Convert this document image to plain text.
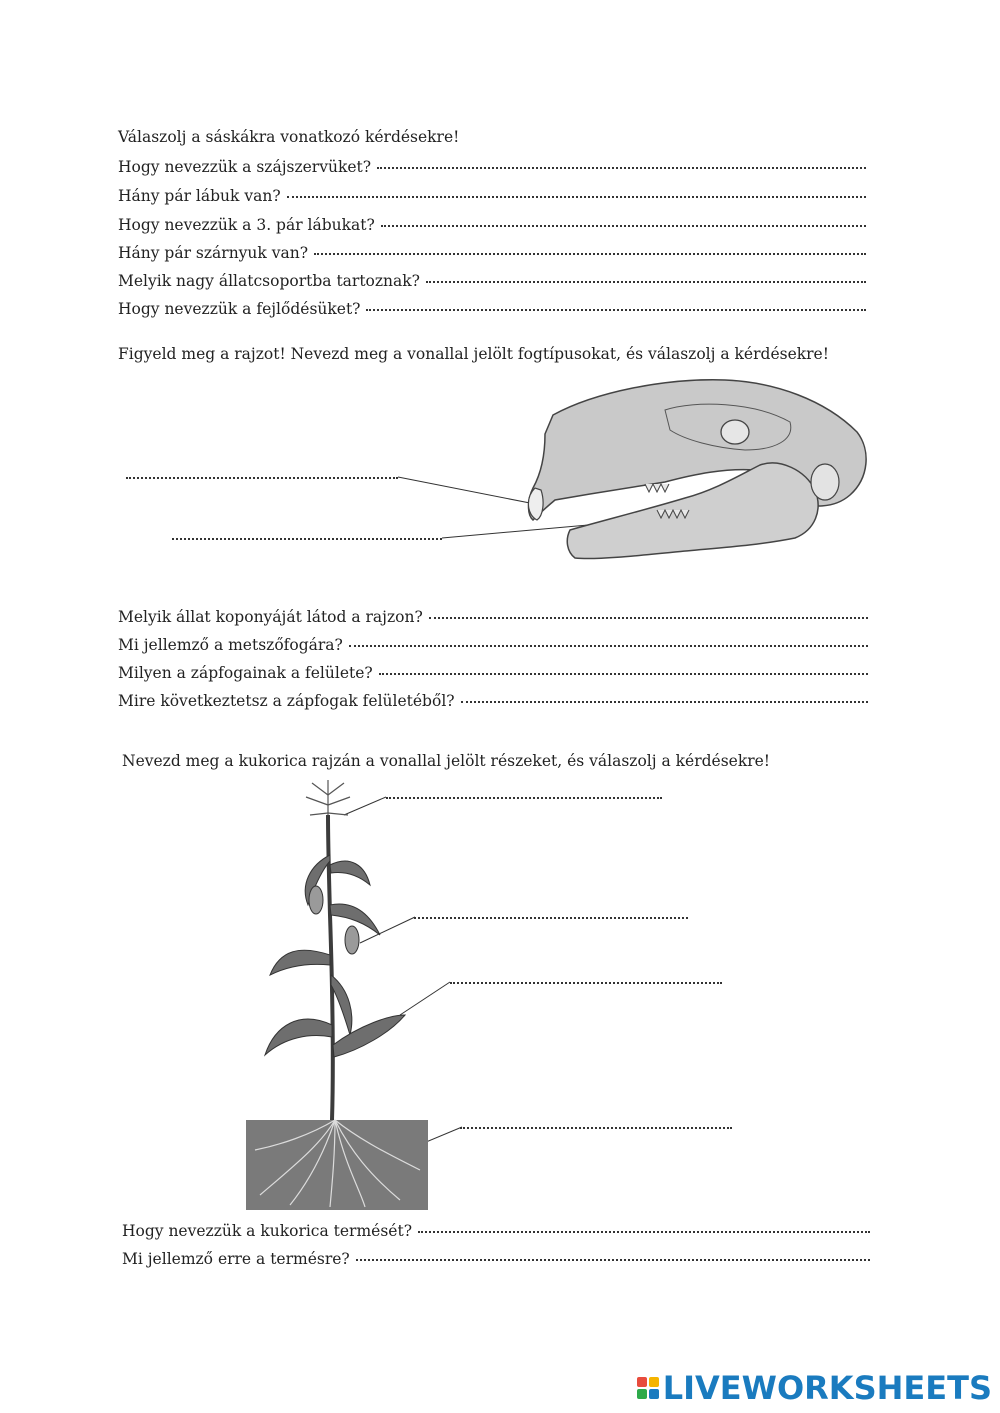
Válaszolj a sáskákra vonatkozó kérdésekre!
Hogy nevezzük a szájszervüket?
Hány pár lábuk van?
Hogy nevezzük a 3. pár lábukat?
Hány pár szárnyuk van?
Melyik nagy állatcsoportba tartoznak?
Hogy nevezzük a fejlődésüket?
Figyeld meg a rajzot! Nevezd meg a vonallal jelölt fogtípusokat, és válaszolj a kérdésekre!
Melyik állat koponyáját látod a rajzon?
Mi jellemző a metszőfogára?
Milyen a zápfogainak a felülete?
Mire következtetsz a zápfogak felületéből?
Nevezd meg a kukorica rajzán a vonallal jelölt részeket, és válaszolj a kérdésekre!
Hogy nevezzük a kukorica termését?
Mi jellemző erre a termésre?
LIVEWORKSHEETS
